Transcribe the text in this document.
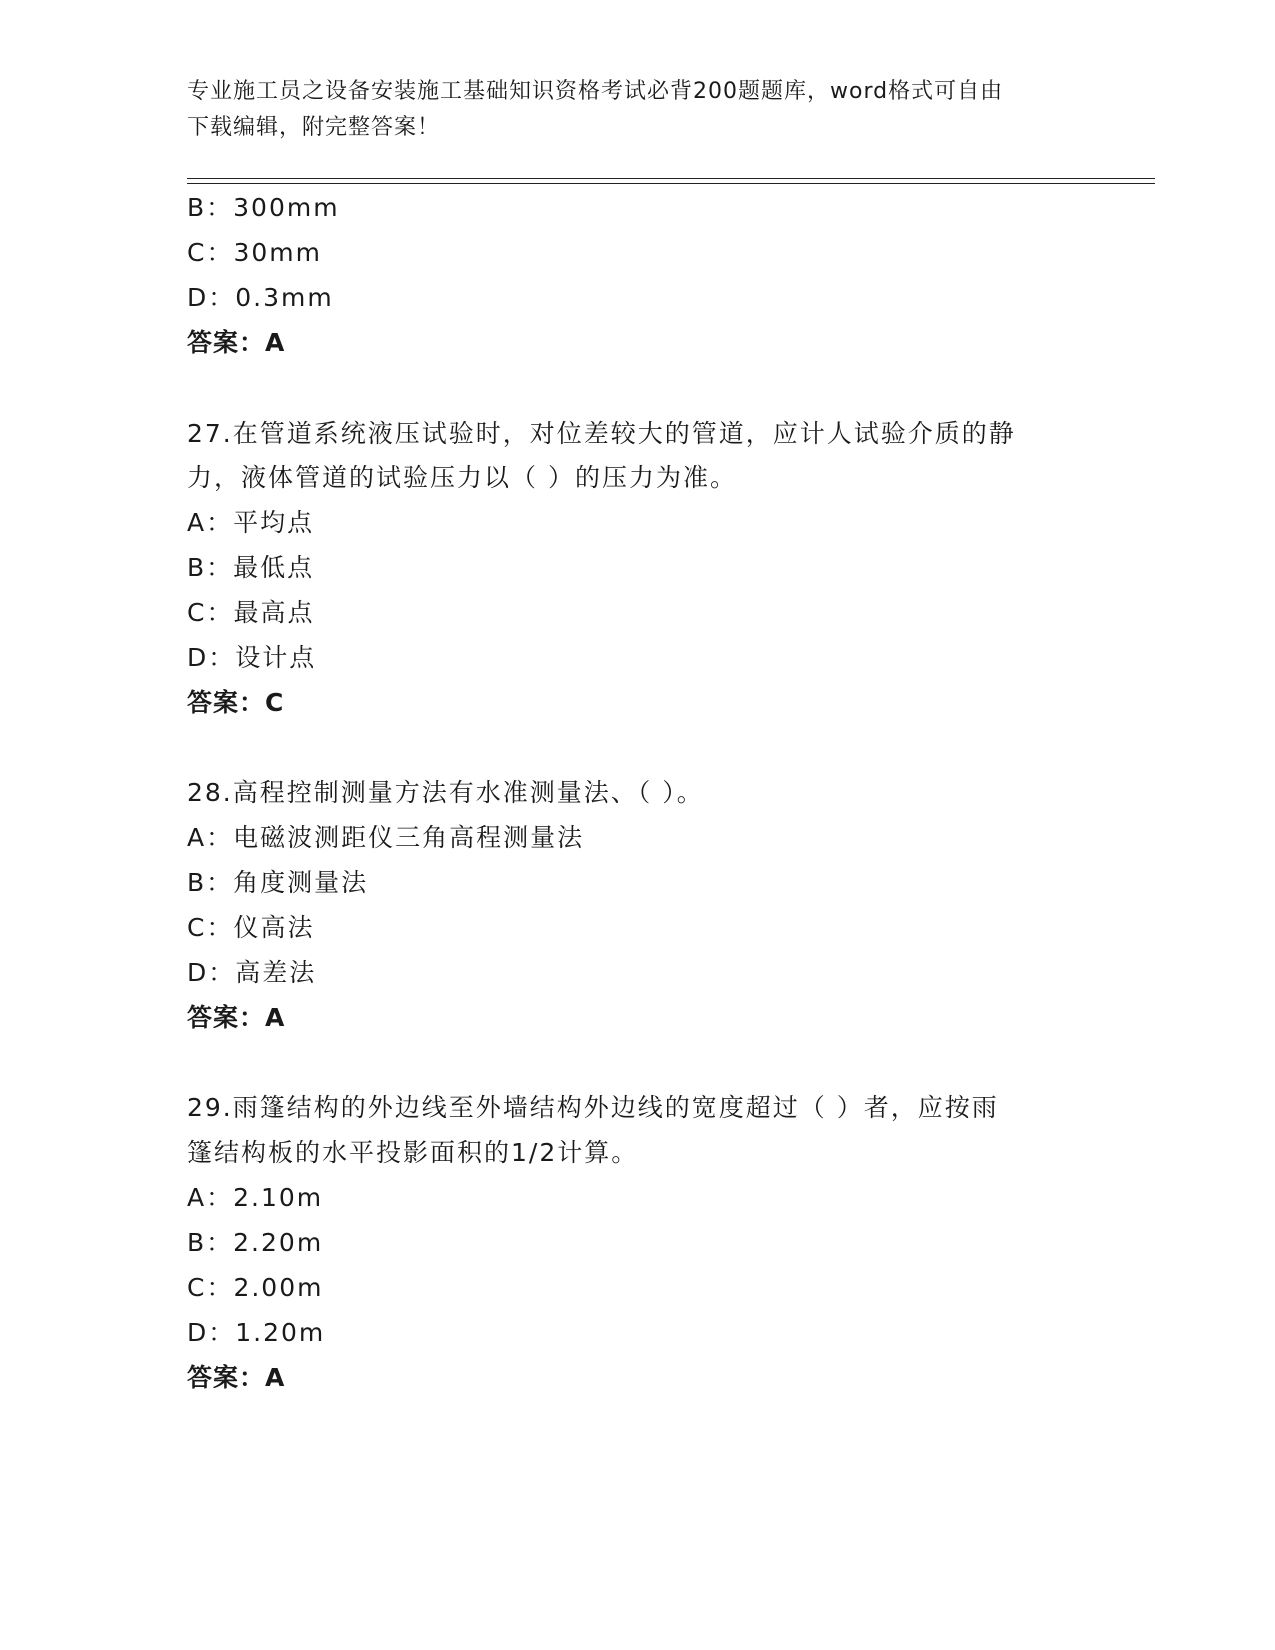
专业施工员之设备安装施工基础知识资格考试必背200题题库，word格式可自由
下载编辑，附完整答案！
B：300mm
C：30mm
D：0.3mm
答案：A
27.在管道系统液压试验时，对位差较大的管道，应计人试验介质的静
力，液体管道的试验压力以（ ）的压力为准。
A：平均点
B：最低点
C：最高点
D：设计点
答案：C
28.高程控制测量方法有水准测量法、（ ）。
A：电磁波测距仪三角高程测量法
B：角度测量法
C：仪高法
D：高差法
答案：A
29.雨篷结构的外边线至外墙结构外边线的宽度超过（ ）者，应按雨
篷结构板的水平投影面积的1/2计算。
A：2.10m
B：2.20m
C：2.00m
D：1.20m
答案：A
